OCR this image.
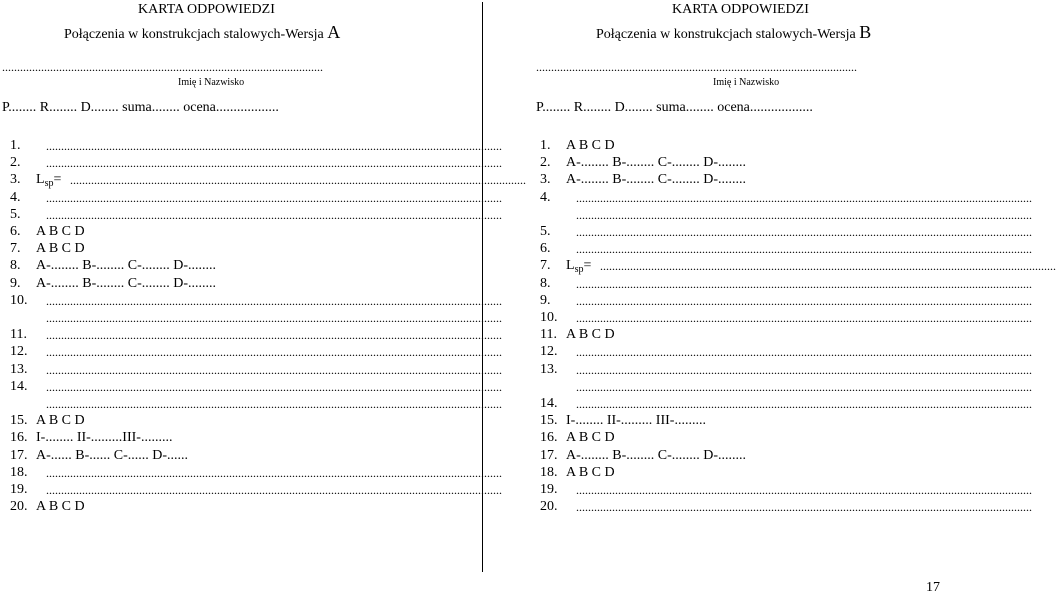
KARTA ODPOWIEDZI
Połączenia w konstrukcjach stalowych-Wersja A
...........................................................................................................
Imię i Nazwisko
P........ R........ D........ suma........ ocena..................
1. ........................................................................................................................................................
2. ........................................................................................................................................................
3. $L_{sp}=$ ........................................................................................................................................................
4. ........................................................................................................................................................
5. ........................................................................................................................................................
6. A B C D
7. A B C D
8. A-........ B-........ C-........ D-........
9. A-........ B-........ C-........ D-........
10. ........................................................................................................................................................
........................................................................................................................................................
11. ........................................................................................................................................................
12. ........................................................................................................................................................
13. ........................................................................................................................................................
14. ........................................................................................................................................................
........................................................................................................................................................
15. A B C D
16. I-........ II-.........III-.........
17. A-...... B-...... C-...... D-......
18. ........................................................................................................................................................
19. ........................................................................................................................................................
20. A B C D
KARTA ODPOWIEDZI
Połączenia w konstrukcjach stalowych-Wersja B
...........................................................................................................
Imię i Nazwisko
P........ R........ D........ suma........ ocena..................
1. A B C D
2. A-........ B-........ C-........ D-........
3. A-........ B-........ C-........ D-........
4. ........................................................................................................................................................
........................................................................................................................................................
5. ........................................................................................................................................................
6. ........................................................................................................................................................
7. $L_{sp}=$ ........................................................................................................................................................
8. ........................................................................................................................................................
9. ........................................................................................................................................................
10. ........................................................................................................................................................
11. A B C D
12. ........................................................................................................................................................
13. ........................................................................................................................................................
........................................................................................................................................................
14. ........................................................................................................................................................
15. I-........ II-......... III-.........
16. A B C D
17. A-........ B-........ C-........ D-........
18. A B C D
19. ........................................................................................................................................................
20. ........................................................................................................................................................
17
